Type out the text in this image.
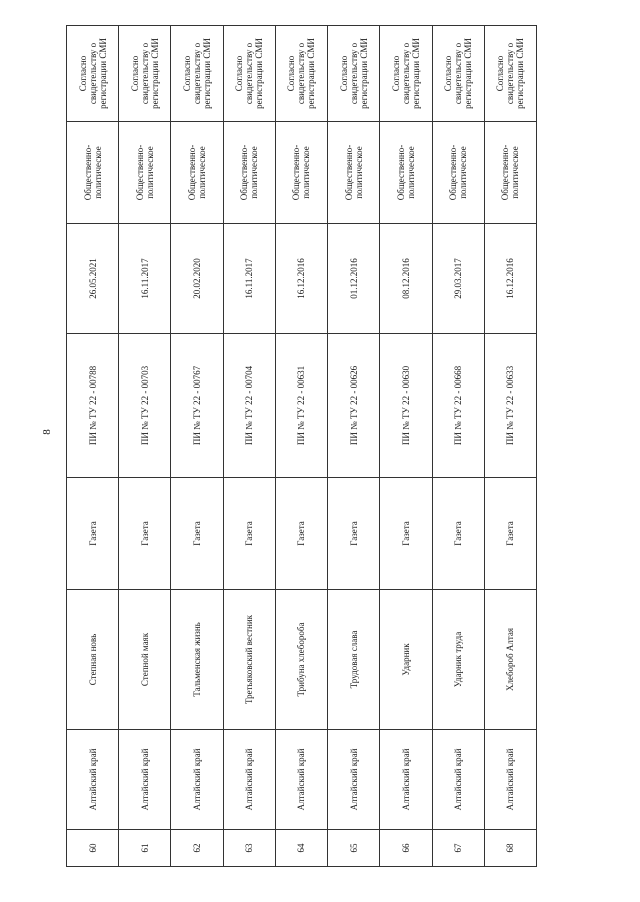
8
60	Алтайский край	Степная новь	Газета	ПИ № ТУ 22 - 00788	26.05.2021	Общественно-политическое	Согласно свидетельству о регистрации СМИ
61	Алтайский край	Степной маяк	Газета	ПИ № ТУ 22 - 00703	16.11.2017	Общественно-политическое	Согласно свидетельству о регистрации СМИ
62	Алтайский край	Тальменская жизнь	Газета	ПИ № ТУ 22 - 00767	20.02.2020	Общественно-политическое	Согласно свидетельству о регистрации СМИ
63	Алтайский край	Третьяковский вестник	Газета	ПИ № ТУ 22 - 00704	16.11.2017	Общественно-политическое	Согласно свидетельству о регистрации СМИ
64	Алтайский край	Трибуна хлебороба	Газета	ПИ № ТУ 22 - 00631	16.12.2016	Общественно-политическое	Согласно свидетельству о регистрации СМИ
65	Алтайский край	Трудовая слава	Газета	ПИ № ТУ 22 - 00626	01.12.2016	Общественно-политическое	Согласно свидетельству о регистрации СМИ
66	Алтайский край	Ударник	Газета	ПИ № ТУ 22 - 00630	08.12.2016	Общественно-политическое	Согласно свидетельству о регистрации СМИ
67	Алтайский край	Ударник труда	Газета	ПИ № ТУ 22 - 00668	29.03.2017	Общественно-политическое	Согласно свидетельству о регистрации СМИ
68	Алтайский край	Хлебороб Алтая	Газета	ПИ № ТУ 22 - 00633	16.12.2016	Общественно-политическое	Согласно свидетельству о регистрации СМИ
